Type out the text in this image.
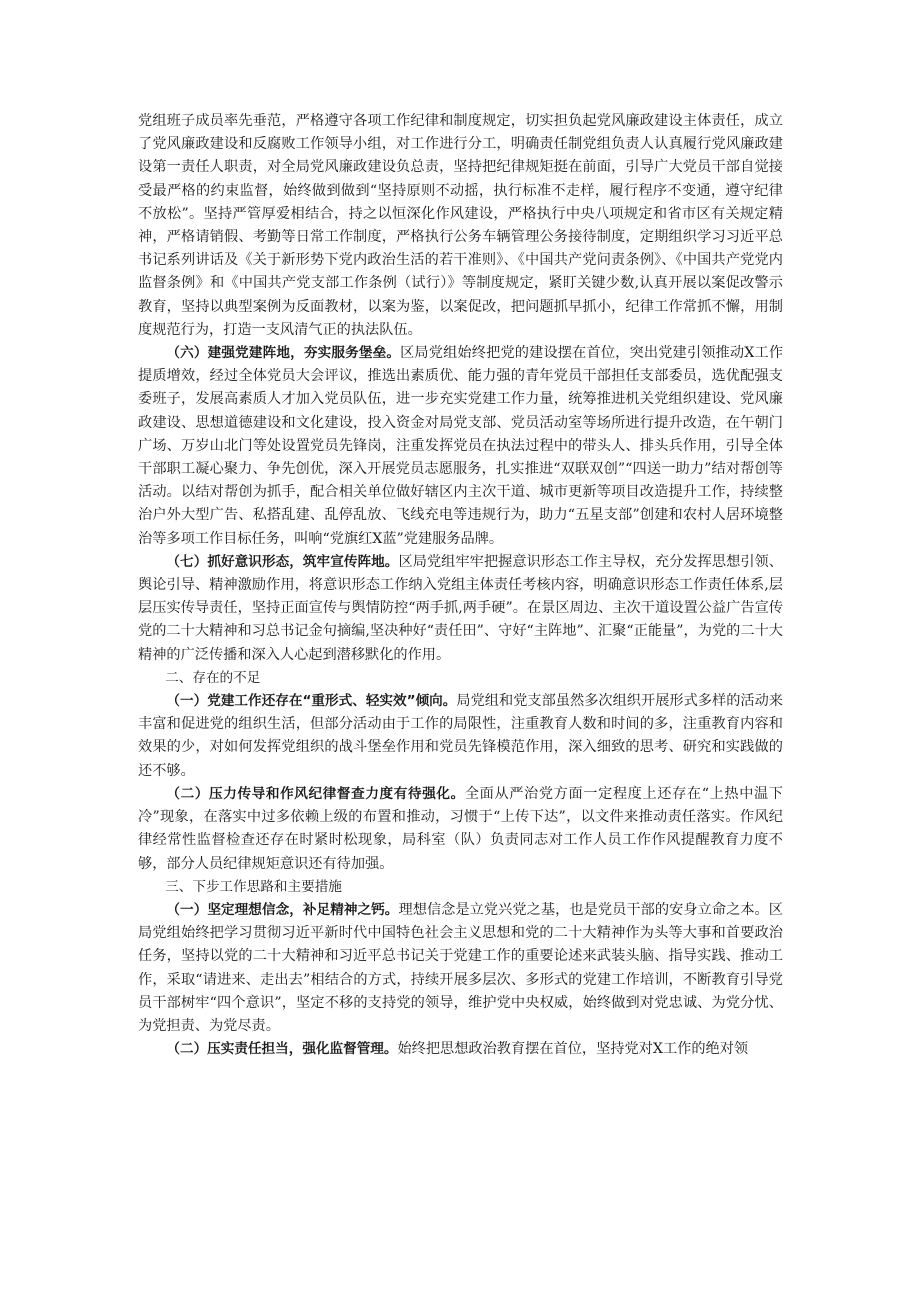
党组班子成员率先垂范，严格遵守各项工作纪律和制度规定，切实担负起党风廉政建设主体责任，成立了党风廉政建设和反腐败工作领导小组，对工作进行分工，明确责任制党组负责人认真履行党风廉政建设第一责任人职责，对全局党风廉政建设负总责，坚持把纪律规矩挺在前面，引导广大党员干部自觉接受最严格的约束监督，始终做到做到“坚持原则不动摇，执行标准不走样，履行程序不变通，遵守纪律不放松”。坚持严管厚爱相结合，持之以恒深化作风建设，严格执行中央八项规定和省市区有关规定精神，严格请销假、考勤等日常工作制度，严格执行公务车辆管理公务接待制度，定期组织学习习近平总书记系列讲话及《关于新形势下党内政治生活的若干准则》、《中国共产党问责条例》、《中国共产党党内监督条例》和《中国共产党支部工作条例（试行）》等制度规定，紧盯关键少数,认真开展以案促改警示教育，坚持以典型案例为反面教材，以案为鉴，以案促改，把问题抓早抓小，纪律工作常抓不懈，用制度规范行为，打造一支风清气正的执法队伍。

（六）建强党建阵地，夯实服务堡垒。区局党组始终把党的建设摆在首位，突出党建引领推动X工作提质增效，经过全体党员大会评议，推选出素质优、能力强的青年党员干部担任支部委员，选优配强支委班子，发展高素质人才加入党员队伍，进一步充实党建工作力量，统筹推进机关党组织建设、党风廉政建设、思想道德建设和文化建设，投入资金对局党支部、党员活动室等场所进行提升改造，在午朝门广场、万岁山北门等处设置党员先锋岗，注重发挥党员在执法过程中的带头人、排头兵作用，引导全体干部职工凝心聚力、争先创优，深入开展党员志愿服务，扎实推进“双联双创”“四送一助力”结对帮创等活动。以结对帮创为抓手，配合相关单位做好辖区内主次干道、城市更新等项目改造提升工作，持续整治户外大型广告、私搭乱建、乱停乱放、飞线充电等违规行为，助力“五星支部”创建和农村人居环境整治等多项工作目标任务，叫响“党旗红X蓝”党建服务品牌。

（七）抓好意识形态，筑牢宣传阵地。区局党组牢牢把握意识形态工作主导权，充分发挥思想引领、舆论引导、精神激励作用，将意识形态工作纳入党组主体责任考核内容，明确意识形态工作责任体系,层层压实传导责任，坚持正面宣传与舆情防控“两手抓,两手硬”。在景区周边、主次干道设置公益广告宣传党的二十大精神和习总书记金句摘编,坚决种好“责任田”、守好“主阵地”、汇聚“正能量”，为党的二十大精神的广泛传播和深入人心起到潜移默化的作用。

二、存在的不足

（一）党建工作还存在“重形式、轻实效”倾向。局党组和党支部虽然多次组织开展形式多样的活动来丰富和促进党的组织生活，但部分活动由于工作的局限性，注重教育人数和时间的多，注重教育内容和效果的少，对如何发挥党组织的战斗堡垒作用和党员先锋模范作用，深入细致的思考、研究和实践做的还不够。

（二）压力传导和作风纪律督查力度有待强化。全面从严治党方面一定程度上还存在“上热中温下冷”现象，在落实中过多依赖上级的布置和推动，习惯于“上传下达”，以文件来推动责任落实。作风纪律经常性监督检查还存在时紧时松现象，局科室（队）负责同志对工作人员工作作风提醒教育力度不够，部分人员纪律规矩意识还有待加强。

三、下步工作思路和主要措施

（一）坚定理想信念，补足精神之钙。理想信念是立党兴党之基，也是党员干部的安身立命之本。区局党组始终把学习贯彻习近平新时代中国特色社会主义思想和党的二十大精神作为头等大事和首要政治任务，坚持以党的二十大精神和习近平总书记关于党建工作的重要论述来武装头脑、指导实践、推动工作，采取“请进来、走出去”相结合的方式，持续开展多层次、多形式的党建工作培训，不断教育引导党员干部树牢“四个意识”，坚定不移的支持党的领导，维护党中央权威，始终做到对党忠诚、为党分忧、为党担责、为党尽责。

（二）压实责任担当，强化监督管理。始终把思想政治教育摆在首位，坚持党对X工作的绝对领
